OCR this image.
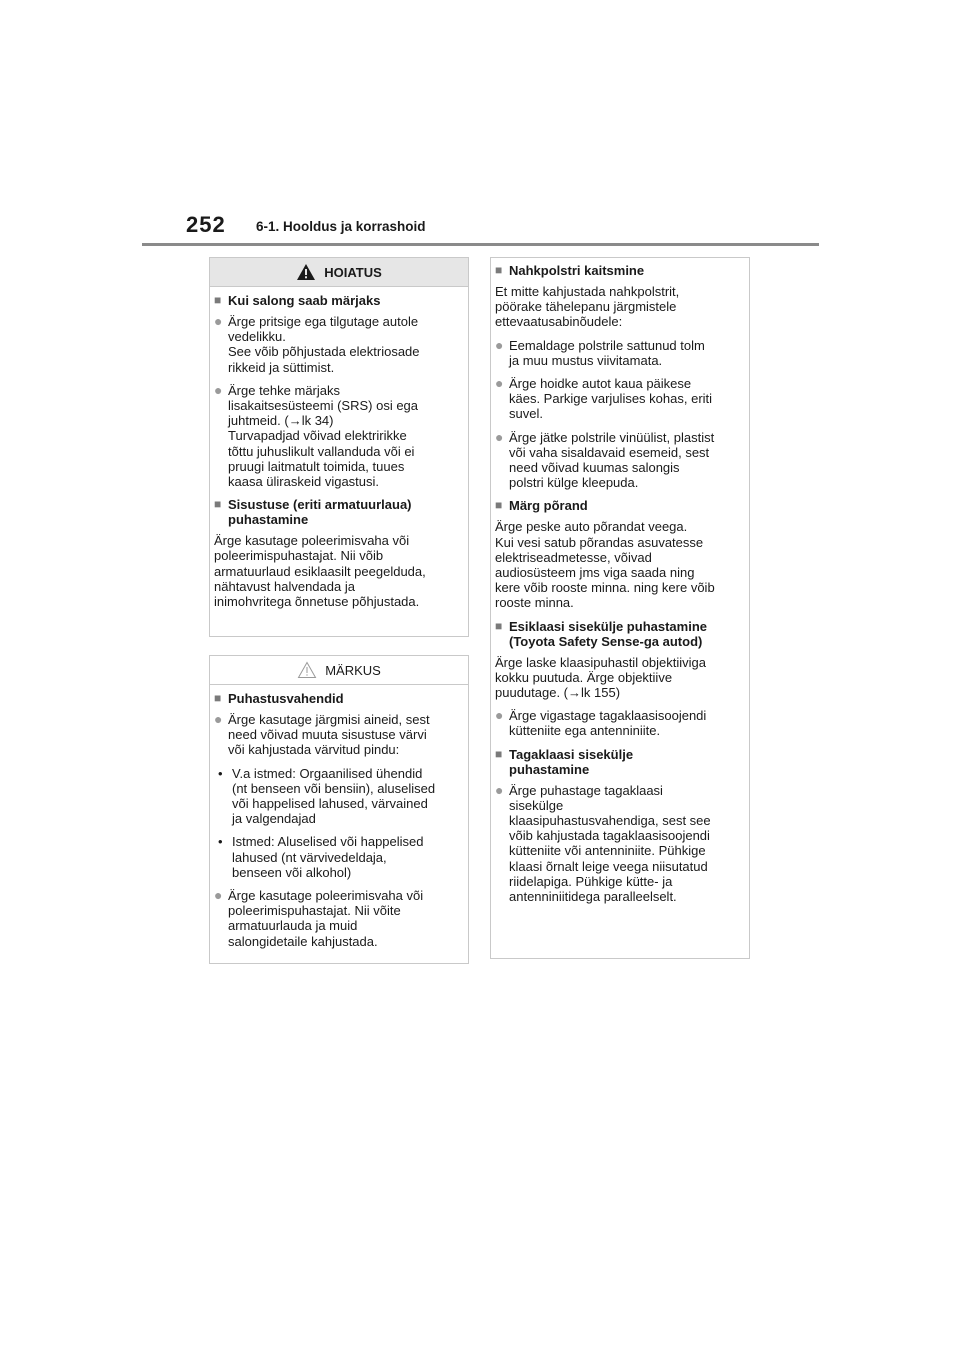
252 6-1. Hooldus ja korrashoid
HOIATUS
■ Kui salong saab märjaks
● Ärge pritsige ega tilgutage autole
vedelikku.
See võib põhjustada elektriosade
rikkeid ja süttimist.
● Ärge tehke märjaks
lisakaitsesüsteemi (SRS) osi ega
juhtmeid. (→lk 34)
Turvapadjad võivad elektririkke
tõttu juhuslikult vallanduda või ei
pruugi laitmatult toimida, tuues
kaasa üliraskeid vigastusi.
■ Sisustuse (eriti armatuurlaua)
puhastamine
Ärge kasutage poleerimisvaha või
poleerimispuhastajat. Nii võib
armatuurlaud esiklaasilt peegelduda,
nähtavust halvendada ja
inimohvritega õnnetuse põhjustada.
MÄRKUS
■ Puhastusvahendid
● Ärge kasutage järgmisi aineid, sest
need võivad muuta sisustuse värvi
või kahjustada värvitud pindu:
• V.a istmed: Orgaanilised ühendid
(nt benseen või bensiin), aluselised
või happelised lahused, värvained
ja valgendajad
• Istmed: Aluselised või happelised
lahused (nt värvivedeldaja,
benseen või alkohol)
● Ärge kasutage poleerimisvaha või
poleerimispuhastajat. Nii võite
armatuurlauda ja muid
salongidetaile kahjustada.
■ Nahkpolstri kaitsmine
Et mitte kahjustada nahkpolstrit,
pöörake tähelepanu järgmistele
ettevaatusabinõudele:
● Eemaldage polstrile sattunud tolm
ja muu mustus viivitamata.
● Ärge hoidke autot kaua päikese
käes. Parkige varjulises kohas, eriti
suvel.
● Ärge jätke polstrile vinüülist, plastist
või vaha sisaldavaid esemeid, sest
need võivad kuumas salongis
polstri külge kleepuda.
■ Märg põrand
Ärge peske auto põrandat veega.
Kui vesi satub põrandas asuvatesse
elektriseadmetesse, võivad
audiosüsteem jms viga saada ning
kere võib rooste minna. ning kere võib
rooste minna.
■ Esiklaasi sisekülje puhastamine
(Toyota Safety Sense-ga autod)
Ärge laske klaasipuhastil objektiiviga
kokku puutuda. Ärge objektiive
puudutage. (→lk 155)
● Ärge vigastage tagaklaasisoojendi
kütteniite ega antenniniite.
■ Tagaklaasi sisekülje
puhastamine
● Ärge puhastage tagaklaasi
sisekülge
klaasipuhastusvahendiga, sest see
võib kahjustada tagaklaasisoojendi
kütteniite või antenniniite. Pühkige
klaasi õrnalt leige veega niisutatud
riidelapiga. Pühkige kütte- ja
antenniniitidega paralleelselt.
